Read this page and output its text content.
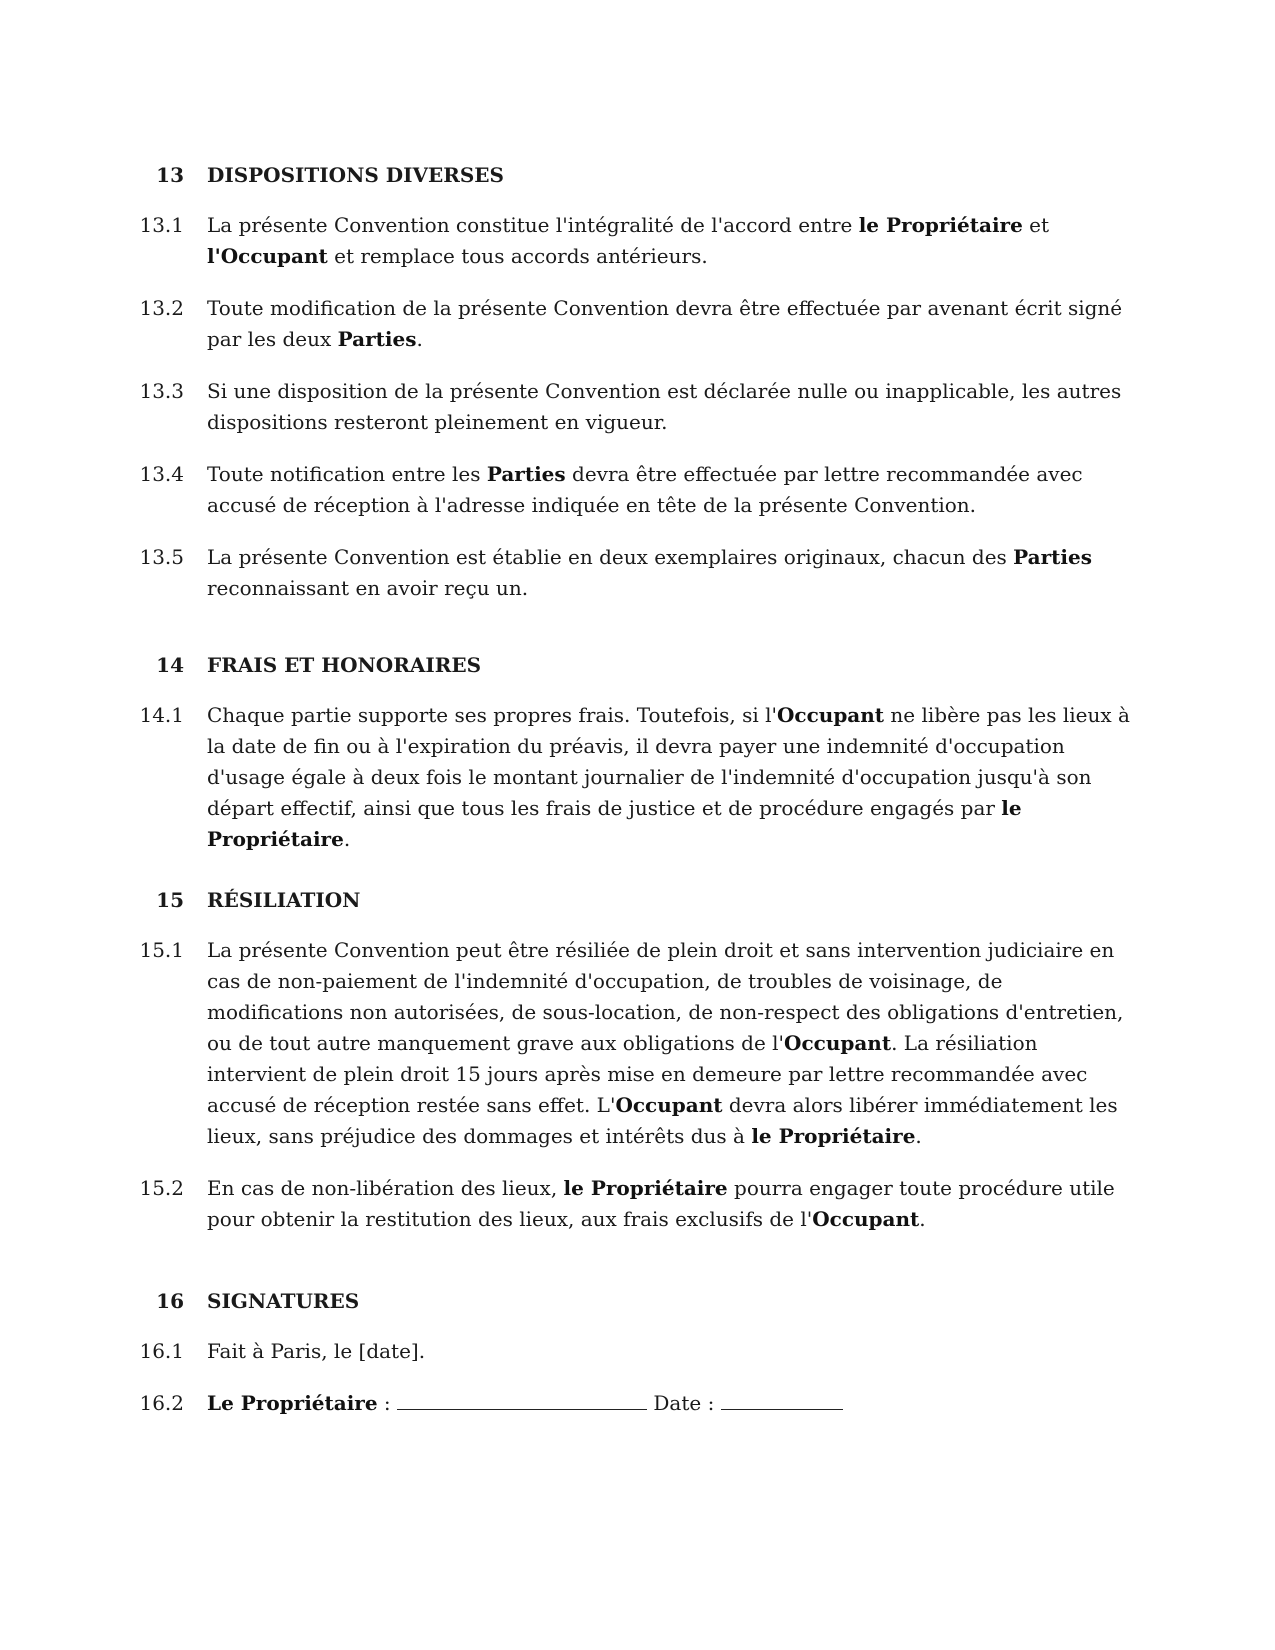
13 DISPOSITIONS DIVERSES
13.1 La présente Convention constitue l'intégralité de l'accord entre le Propriétaire et l'Occupant et remplace tous accords antérieurs.
13.2 Toute modification de la présente Convention devra être effectuée par avenant écrit signé par les deux Parties.
13.3 Si une disposition de la présente Convention est déclarée nulle ou inapplicable, les autres dispositions resteront pleinement en vigueur.
13.4 Toute notification entre les Parties devra être effectuée par lettre recommandée avec accusé de réception à l'adresse indiquée en tête de la présente Convention.
13.5 La présente Convention est établie en deux exemplaires originaux, chacun des Parties reconnaissant en avoir reçu un.
14 FRAIS ET HONORAIRES
14.1 Chaque partie supporte ses propres frais. Toutefois, si l'Occupant ne libère pas les lieux à la date de fin ou à l'expiration du préavis, il devra payer une indemnité d'occupation d'usage égale à deux fois le montant journalier de l'indemnité d'occupation jusqu'à son départ effectif, ainsi que tous les frais de justice et de procédure engagés par le Propriétaire.
15 RÉSILIATION
15.1 La présente Convention peut être résiliée de plein droit et sans intervention judiciaire en cas de non-paiement de l'indemnité d'occupation, de troubles de voisinage, de modifications non autorisées, de sous-location, de non-respect des obligations d'entretien, ou de tout autre manquement grave aux obligations de l'Occupant. La résiliation intervient de plein droit 15 jours après mise en demeure par lettre recommandée avec accusé de réception restée sans effet. L'Occupant devra alors libérer immédiatement les lieux, sans préjudice des dommages et intérêts dus à le Propriétaire.
15.2 En cas de non-libération des lieux, le Propriétaire pourra engager toute procédure utile pour obtenir la restitution des lieux, aux frais exclusifs de l'Occupant.
16 SIGNATURES
16.1 Fait à Paris, le [date].
16.2 Le Propriétaire :	Date :
